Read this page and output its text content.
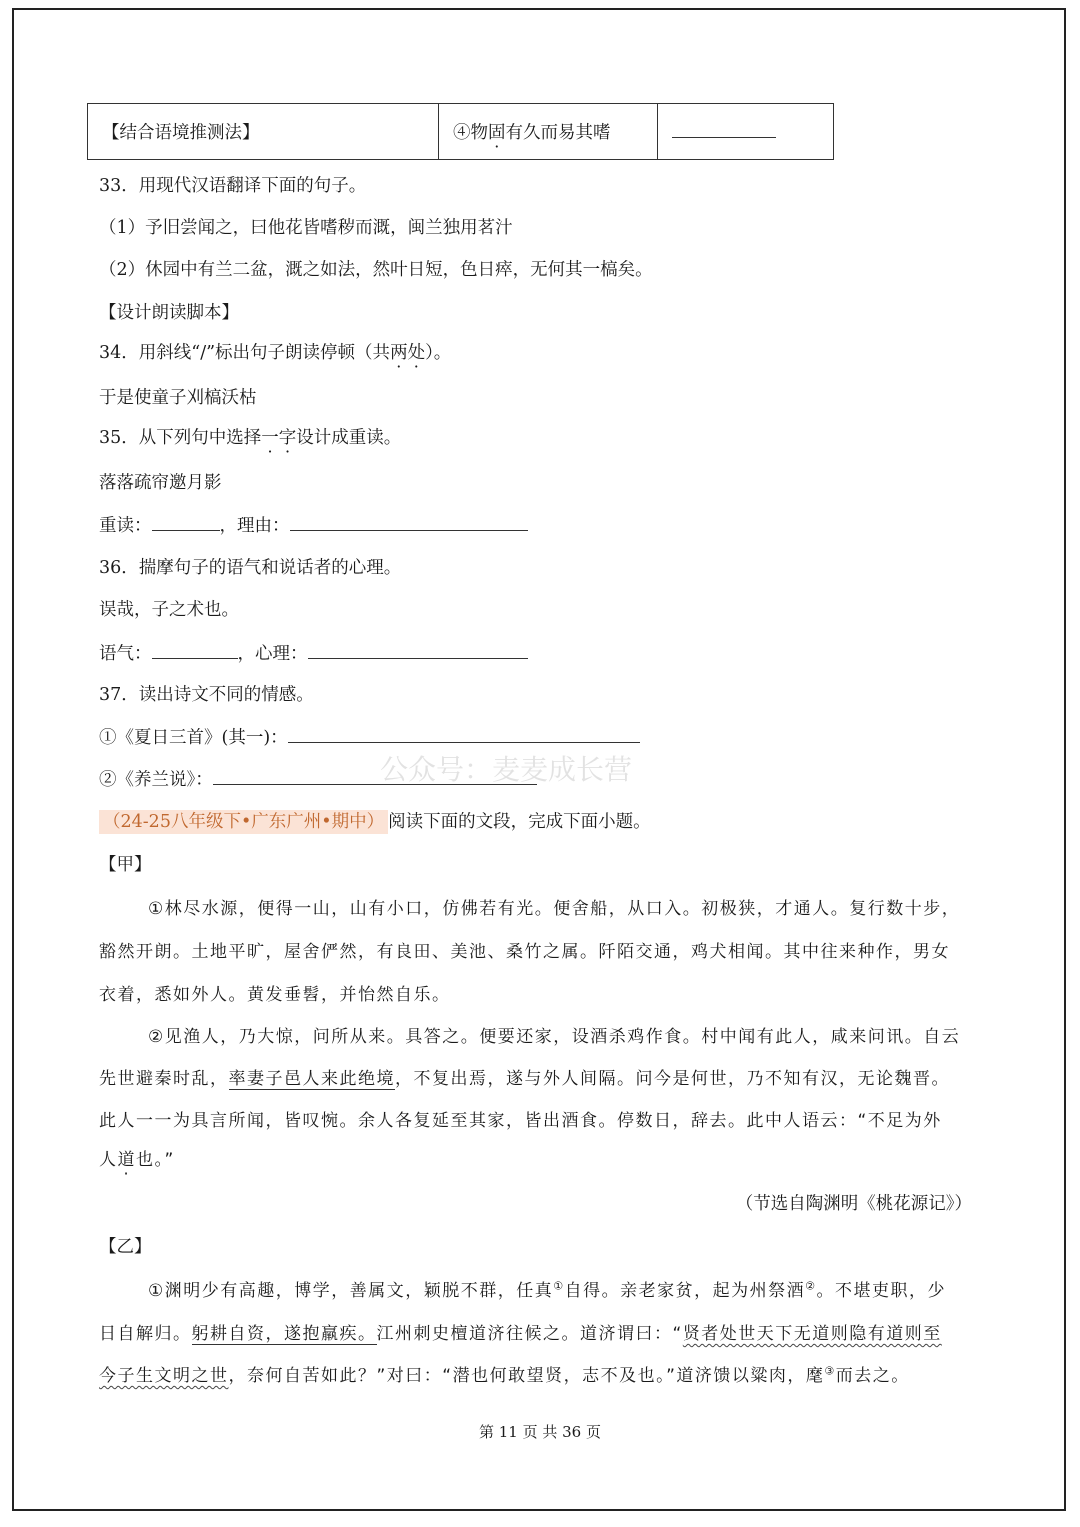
【结合语境推测法】	④物固有久而易其嗜	
33．用现代汉语翻译下面的句子。
（1）予旧尝闻之，曰他花皆嗜秽而溉，闽兰独用茗汁
（2）休园中有兰二盆，溉之如法，然叶日短，色日瘁，无何其一槁矣。
【设计朗读脚本】
34．用斜线“/”标出句子朗读停顿（共两处）。
于是使童子刈槁沃枯
35．从下列句中选择一字设计成重读。
落落疏帘邀月影
重读：	，理由：
36．揣摩句子的语气和说话者的心理。
误哉，子之术也。
语气：	，心理：
37．读出诗文不同的情感。
①《夏日三首》(其一)：
②《养兰说》：	公众号：麦麦成长营
（24-25八年级下•广东广州•期中） 阅读下面的文段，完成下面小题。
【甲】
①林尽水源，便得一山，山有小口，仿佛若有光。便舍船，从口入。初极狭，才通人。复行数十步，
豁然开朗。土地平旷，屋舍俨然，有良田、美池、桑竹之属。阡陌交通，鸡犬相闻。其中往来种作，男女
衣着，悉如外人。黄发垂髫，并怡然自乐。
②见渔人，乃大惊，问所从来。具答之。便要还家，设酒杀鸡作食。村中闻有此人，咸来问讯。自云
先世避秦时乱，率妻子邑人来此绝境，不复出焉，遂与外人间隔。问今是何世，乃不知有汉，无论魏晋。
此人一一为具言所闻，皆叹惋。余人各复延至其家，皆出酒食。停数日，辞去。此中人语云：“不足为外
人道也。”
（节选自陶渊明《桃花源记》）
【乙】
①渊明少有高趣，博学，善属文，颖脱不群，任真①自得。亲老家贫，起为州祭酒②。不堪吏职，少
日自解归。躬耕自资，遂抱羸疾。江州刺史檀道济往候之。道济谓曰：“贤者处世天下无道则隐有道则至
今子生文明之世，奈何自苦如此？”对曰：“潜也何敢望贤，志不及也。”道济馈以粱肉，麾③而去之。
第 11 页 共 36 页
